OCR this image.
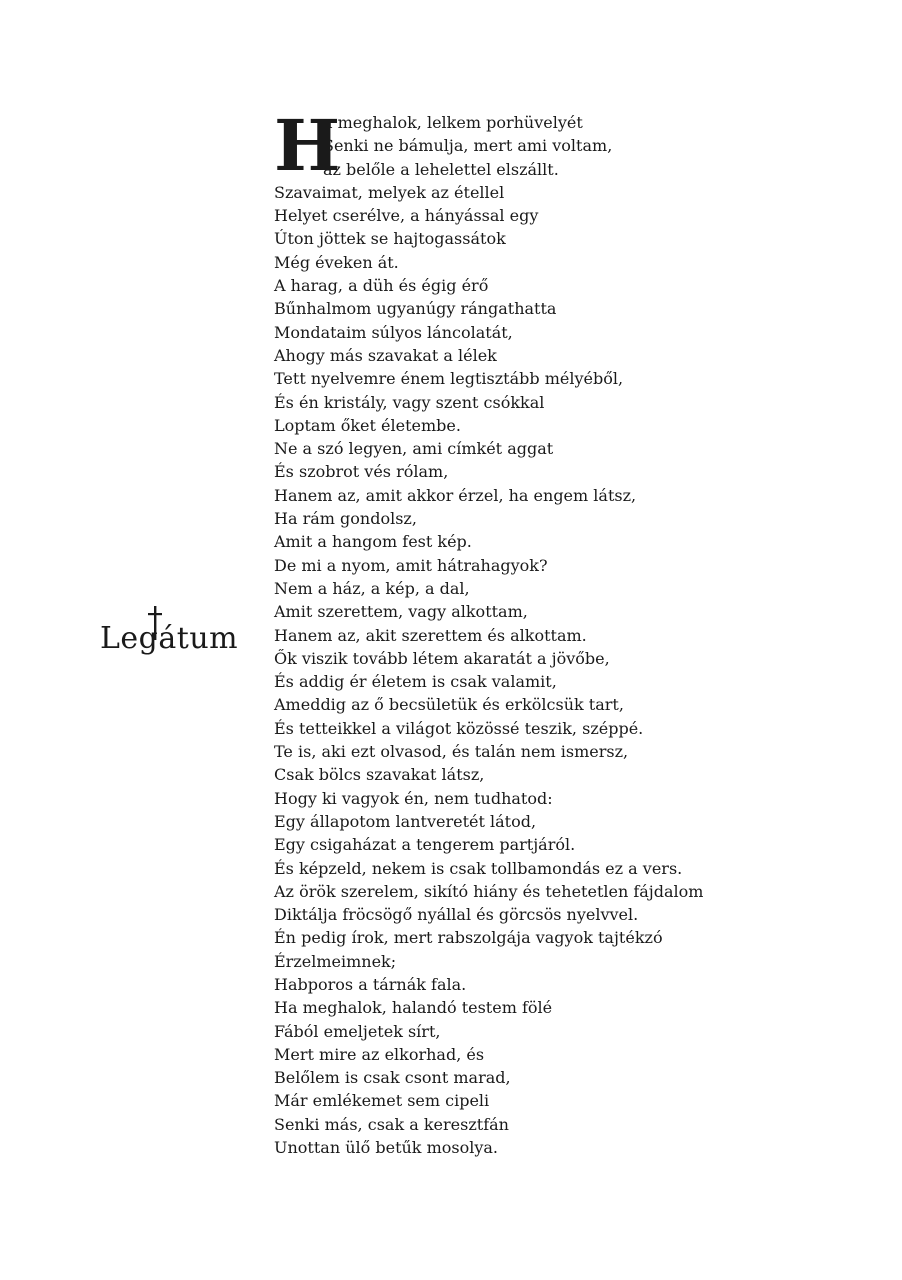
Legátum
H
a meghalok, lelkem porhüvelyét
Senki ne bámulja, mert ami voltam,
az belőle a lehelettel elszállt.
Szavaimat, melyek az étellel
Helyet cserélve, a hányással egy
Úton jöttek se hajtogassátok
Még éveken át.
A harag, a düh és égig érő
Bűnhalmom ugyanúgy rángathatta
Mondataim súlyos láncolatát,
Ahogy más szavakat a lélek
Tett nyelvemre énem legtisztább mélyéből,
És én kristály, vagy szent csókkal
Loptam őket életembe.
Ne a szó legyen, ami címkét aggat
És szobrot vés rólam,
Hanem az, amit akkor érzel, ha engem látsz,
Ha rám gondolsz,
Amit a hangom fest kép.
De mi a nyom, amit hátrahagyok?
Nem a ház, a kép, a dal,
Amit szerettem, vagy alkottam,
Hanem az, akit szerettem és alkottam.
Ők viszik tovább létem akaratát a jövőbe,
És addig ér életem is csak valamit,
Ameddig az ő becsületük és erkölcsük tart,
És tetteikkel a világot közössé teszik, széppé.
Te is, aki ezt olvasod, és talán nem ismersz,
Csak bölcs szavakat látsz,
Hogy ki vagyok én, nem tudhatod:
Egy állapotom lantveretét látod,
Egy csigaházat a tengerem partjáról.
És képzeld, nekem is csak tollbamondás ez a vers.
Az örök szerelem, sikító hiány és tehetetlen fájdalom
Diktálja fröcsögő nyállal és görcsös nyelvvel.
Én pedig írok, mert rabszolgája vagyok tajtékzó
Érzelmeimnek;
Habporos a tárnák fala.
Ha meghalok, halandó testem fölé
Fából emeljetek sírt,
Mert mire az elkorhad, és
Belőlem is csak csont marad,
Már emlékemet sem cipeli
Senki más, csak a keresztfán
Unottan ülő betűk mosolya.
